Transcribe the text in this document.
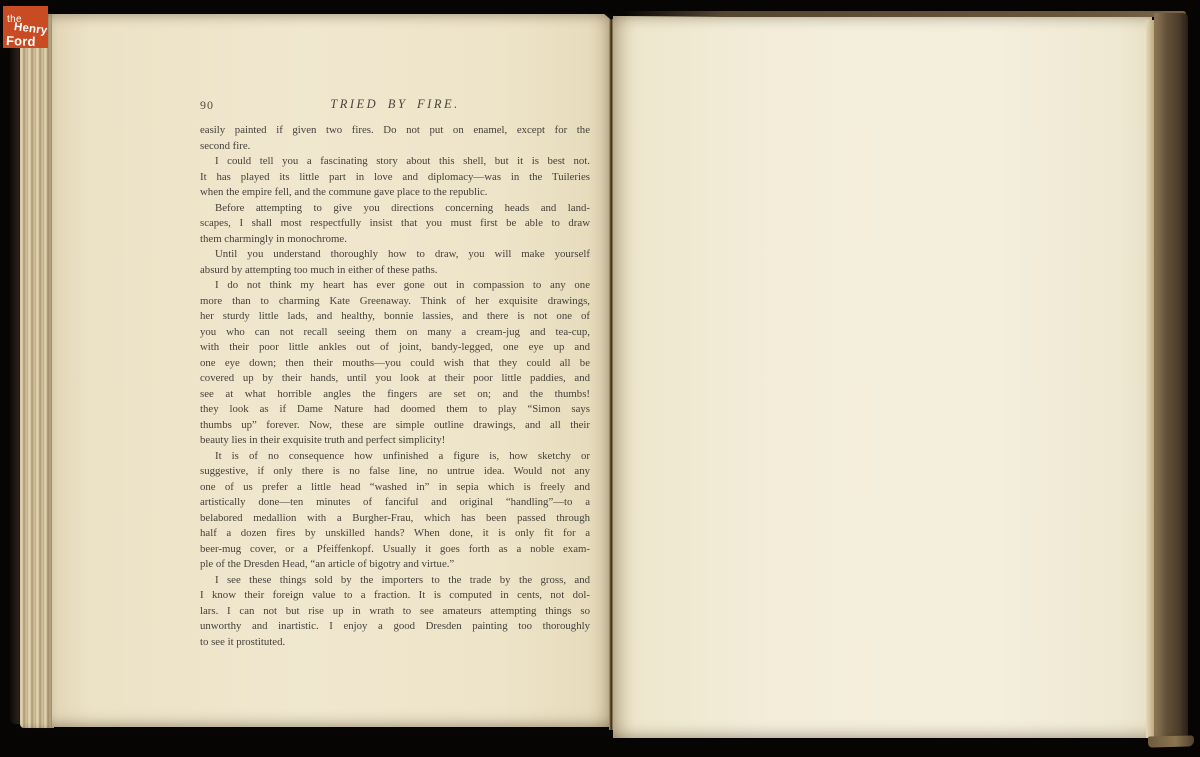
90	TRIED BY FIRE.
easily painted if given two fires. Do not put on enamel, except for the
second fire.
I could tell you a fascinating story about this shell, but it is best not.
It has played its little part in love and diplomacy—was in the Tuileries
when the empire fell, and the commune gave place to the republic.
Before attempting to give you directions concerning heads and land-
scapes, I shall most respectfully insist that you must first be able to draw
them charmingly in monochrome.
Until you understand thoroughly how to draw, you will make yourself
absurd by attempting too much in either of these paths.
I do not think my heart has ever gone out in compassion to any one
more than to charming Kate Greenaway. Think of her exquisite drawings,
her sturdy little lads, and healthy, bonnie lassies, and there is not one of
you who can not recall seeing them on many a cream-jug and tea-cup,
with their poor little ankles out of joint, bandy-legged, one eye up and
one eye down; then their mouths—you could wish that they could all be
covered up by their hands, until you look at their poor little paddies, and
see at what horrible angles the fingers are set on; and the thumbs!
they look as if Dame Nature had doomed them to play “Simon says
thumbs up” forever. Now, these are simple outline drawings, and all their
beauty lies in their exquisite truth and perfect simplicity!
It is of no consequence how unfinished a figure is, how sketchy or
suggestive, if only there is no false line, no untrue idea. Would not any
one of us prefer a little head “washed in” in sepia which is freely and
artistically done—ten minutes of fanciful and original “handling”—to a
belabored medallion with a Burgher-Frau, which has been passed through
half a dozen fires by unskilled hands? When done, it is only fit for a
beer-mug cover, or a Pfeiffenkopf. Usually it goes forth as a noble exam-
ple of the Dresden Head, “an article of bigotry and virtue.”
I see these things sold by the importers to the trade by the gross, and
I know their foreign value to a fraction. It is computed in cents, not dol-
lars. I can not but rise up in wrath to see amateurs attempting things so
unworthy and inartistic. I enjoy a good Dresden painting too thoroughly
to see it prostituted.
the
Henry
Ford
